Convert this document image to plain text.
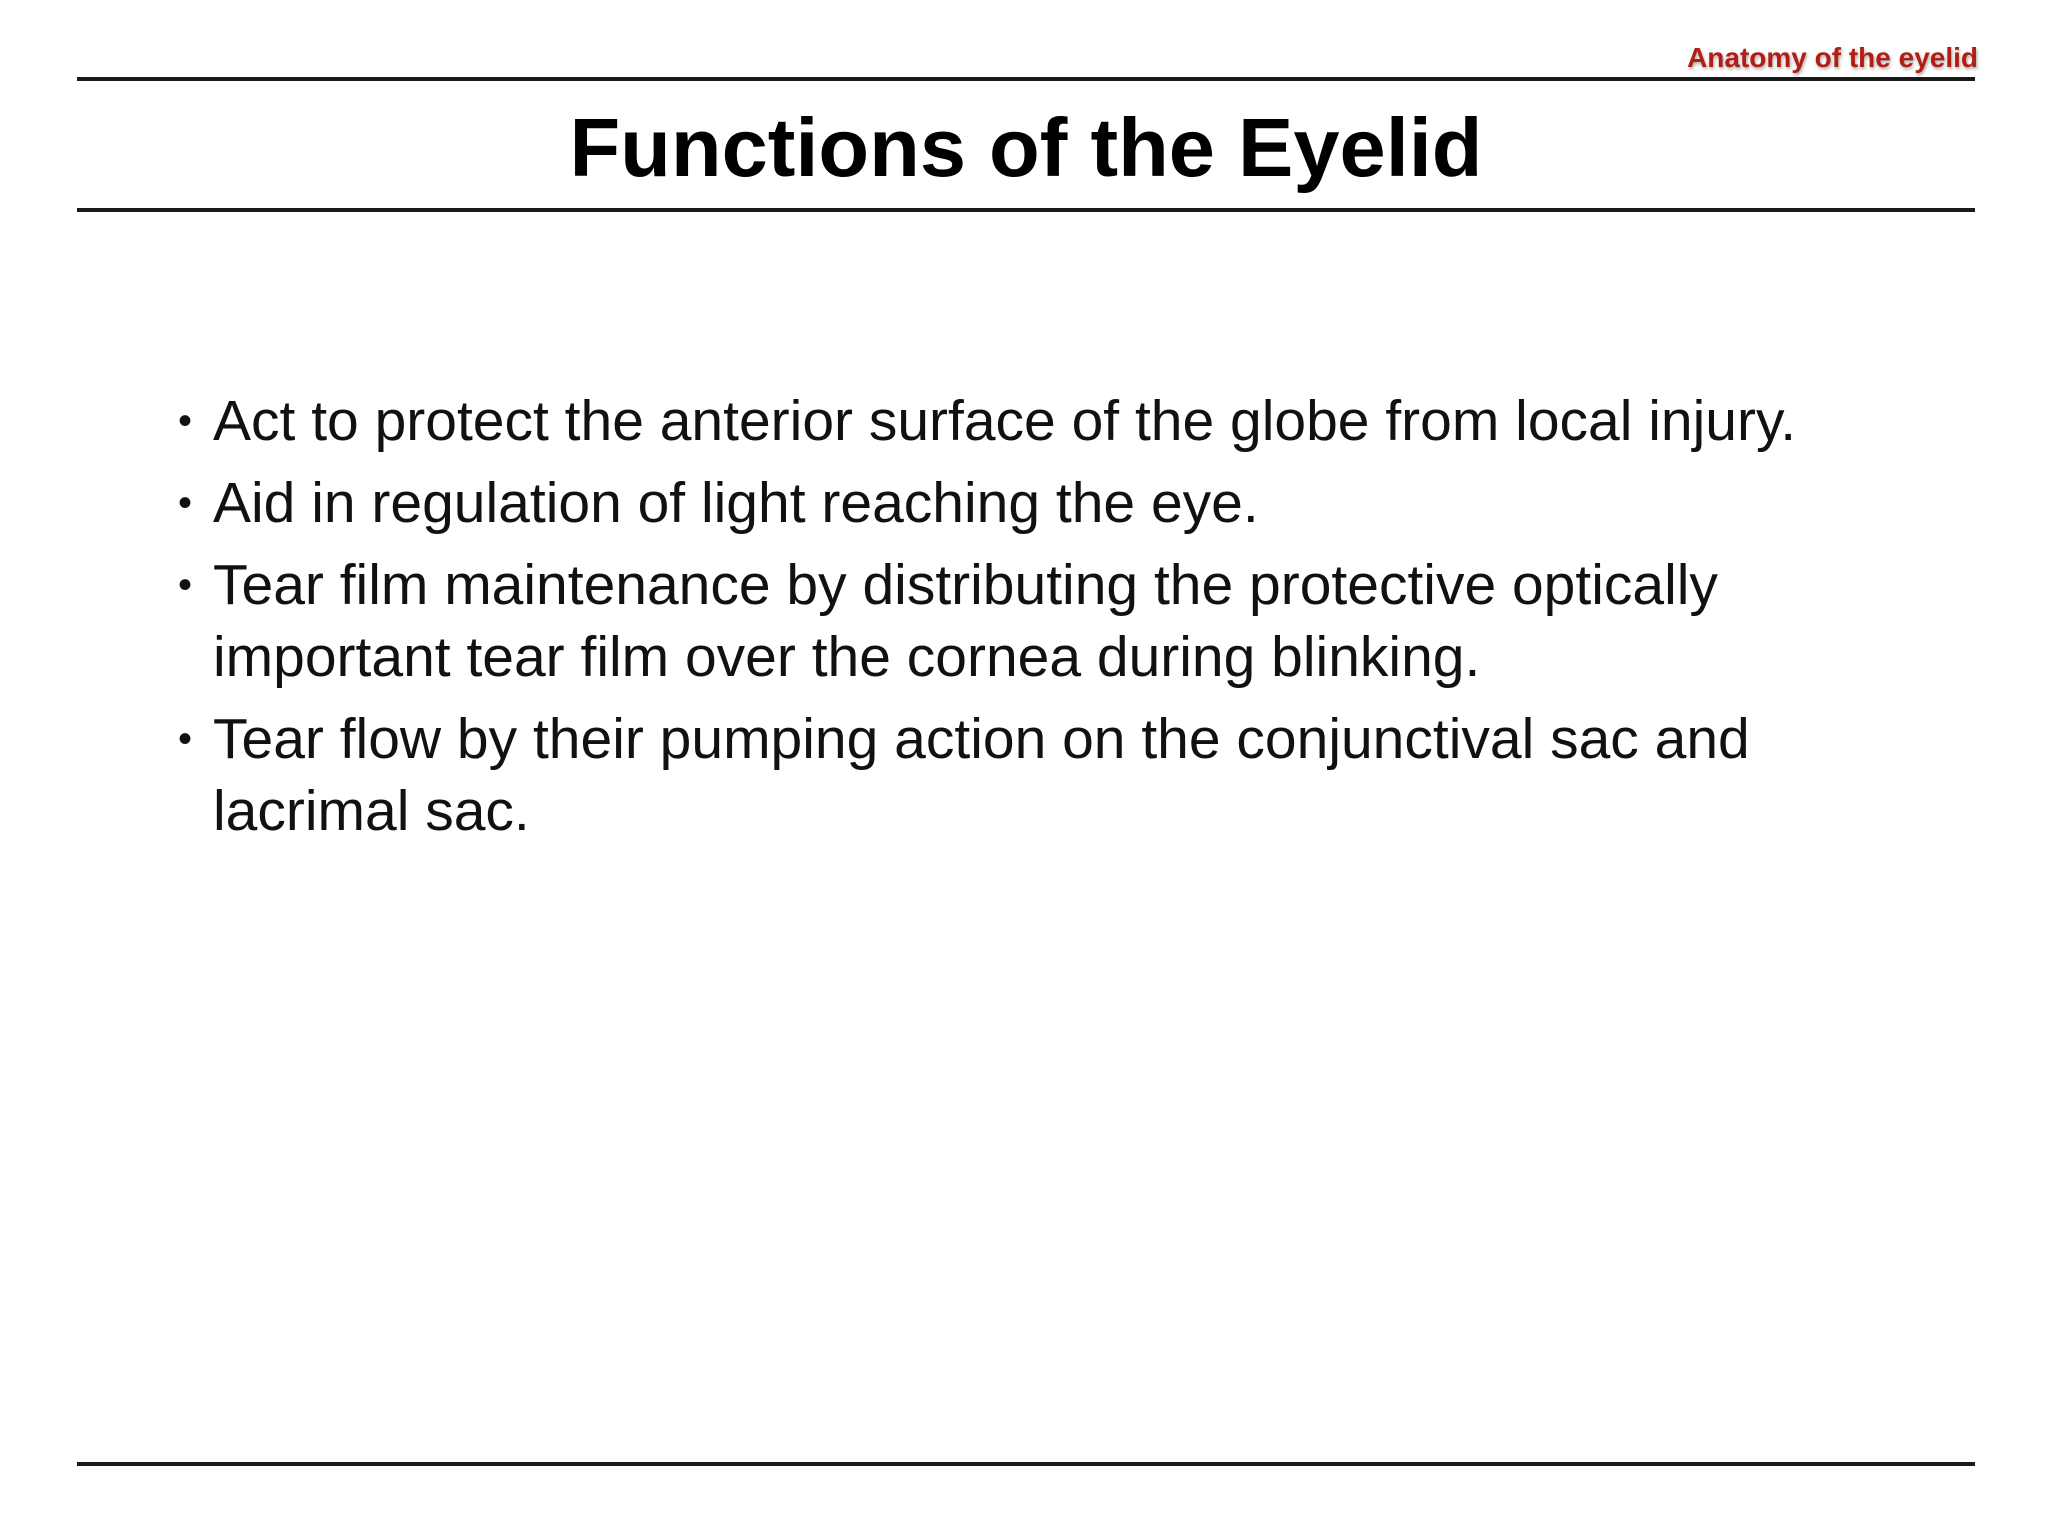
Anatomy of the eyelid
Functions of the Eyelid
• Act to protect the anterior surface of the globe from local injury.
• Aid in regulation of light reaching the eye.
• Tear film maintenance by distributing the protective optically important tear film over the cornea during blinking.
• Tear flow by their pumping action on the conjunctival sac and lacrimal sac.
